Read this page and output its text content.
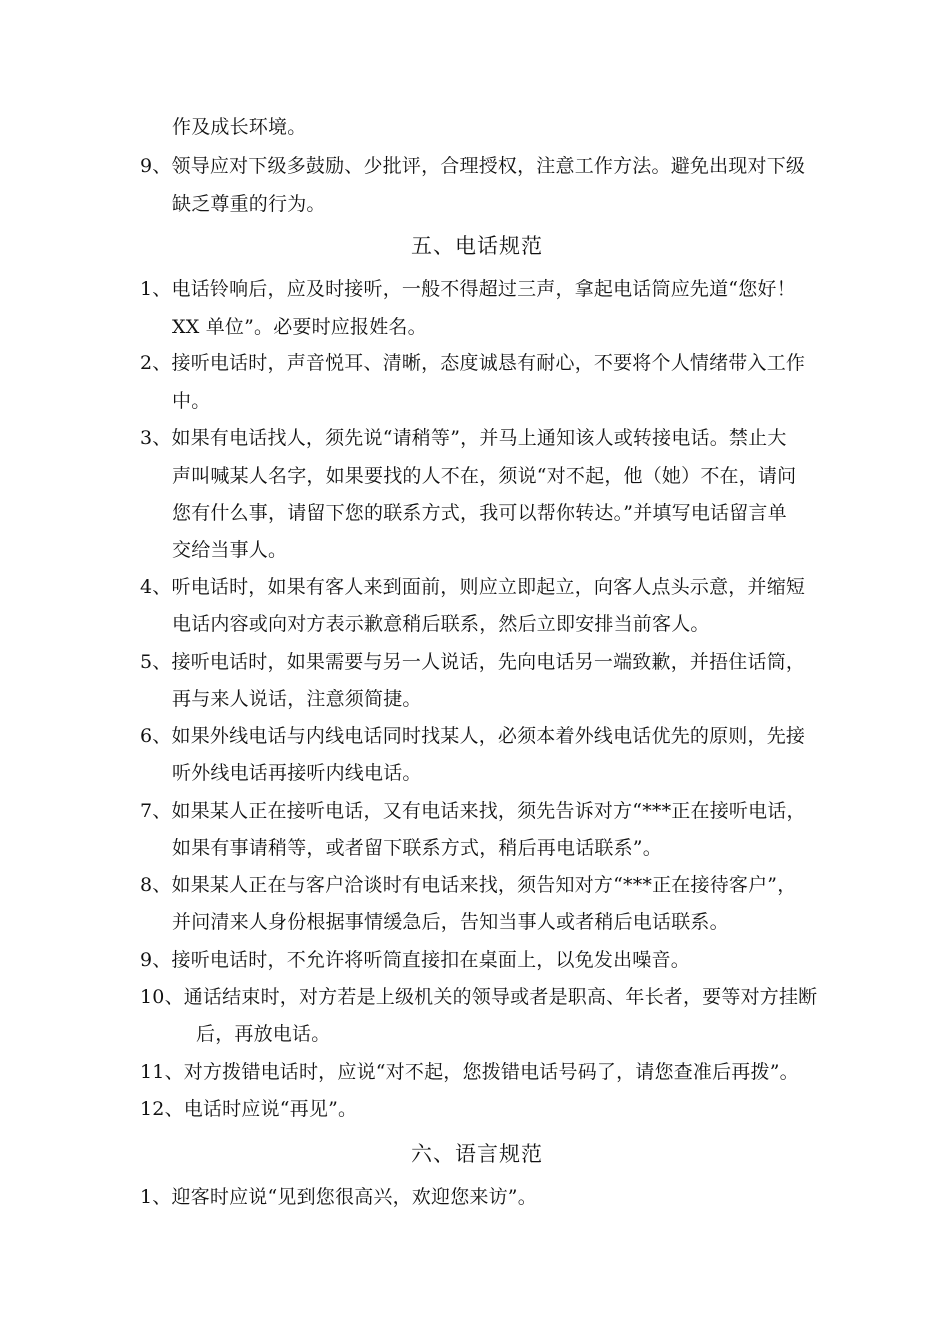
作及成长环境。
9、领导应对下级多鼓励、少批评，合理授权，注意工作方法。避免出现对下级
缺乏尊重的行为。
五、电话规范
1、电话铃响后，应及时接听，一般不得超过三声，拿起电话筒应先道“您好！
XX 单位”。必要时应报姓名。
2、接听电话时，声音悦耳、清晰，态度诚恳有耐心，不要将个人情绪带入工作
中。
3、如果有电话找人，须先说“请稍等”，并马上通知该人或转接电话。禁止大
声叫喊某人名字，如果要找的人不在，须说“对不起，他（她）不在，请问
您有什么事，请留下您的联系方式，我可以帮你转达。”并填写电话留言单
交给当事人。
4、听电话时，如果有客人来到面前，则应立即起立，向客人点头示意，并缩短
电话内容或向对方表示歉意稍后联系，然后立即安排当前客人。
5、接听电话时，如果需要与另一人说话，先向电话另一端致歉，并捂住话筒，
再与来人说话，注意须简捷。
6、如果外线电话与内线电话同时找某人，必须本着外线电话优先的原则，先接
听外线电话再接听内线电话。
7、如果某人正在接听电话，又有电话来找，须先告诉对方“***正在接听电话，
如果有事请稍等，或者留下联系方式，稍后再电话联系”。
8、如果某人正在与客户洽谈时有电话来找，须告知对方“***正在接待客户”，
并问清来人身份根据事情缓急后，告知当事人或者稍后电话联系。
9、接听电话时，不允许将听筒直接扣在桌面上，以免发出噪音。
10、通话结束时，对方若是上级机关的领导或者是职高、年长者，要等对方挂断
后，再放电话。
11、对方拨错电话时，应说“对不起，您拨错电话号码了，请您查准后再拨”。
12、电话时应说“再见”。
六、语言规范
1、迎客时应说“见到您很高兴，欢迎您来访”。
